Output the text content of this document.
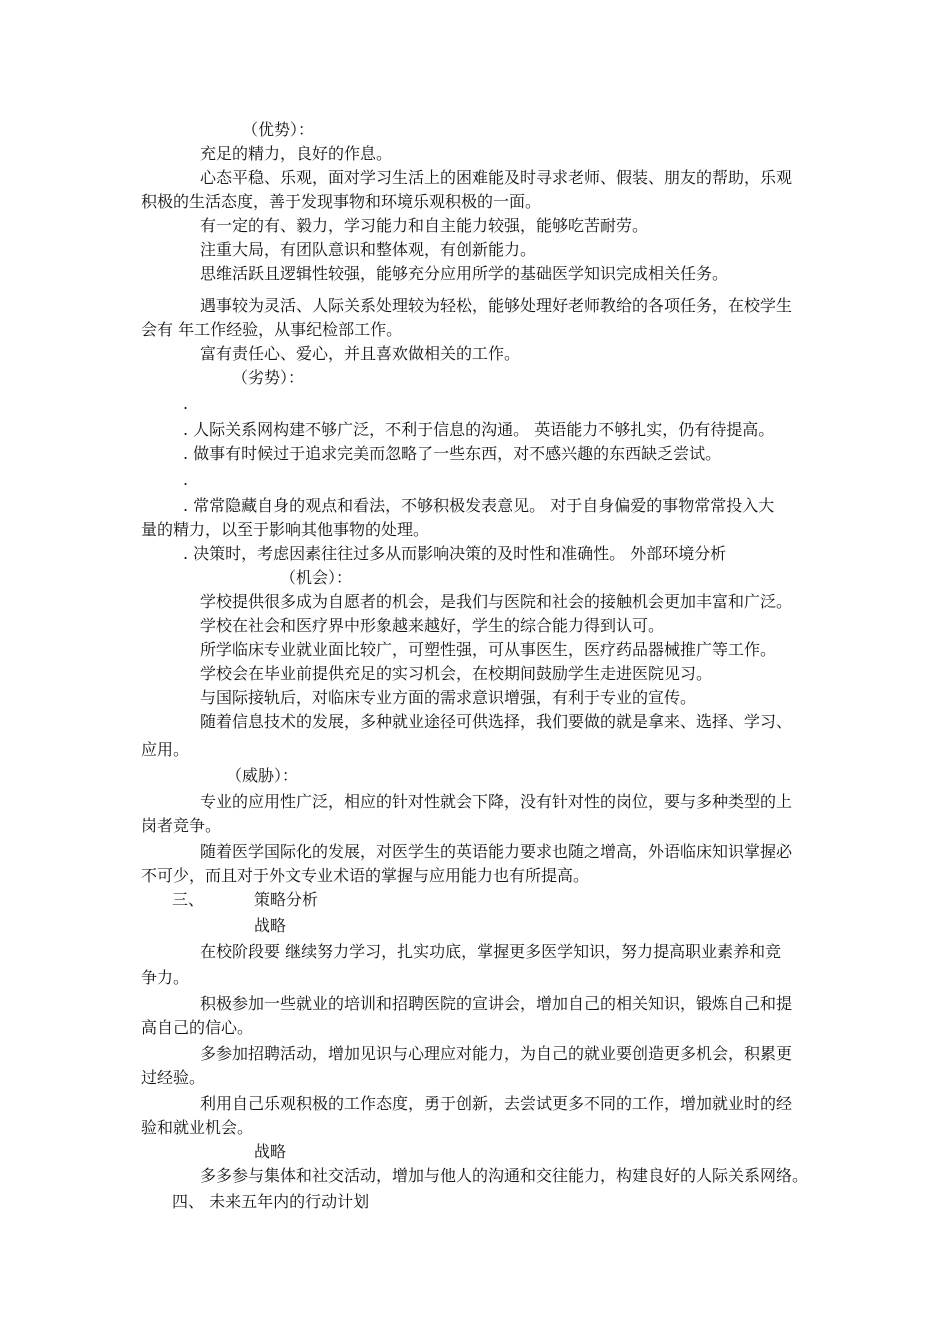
（优势）：
充足的精力，良好的作息。
心态平稳、乐观，面对学习生活上的困难能及时寻求老师、假装、朋友的帮助，乐观
积极的生活态度，善于发现事物和环境乐观积极的一面。
有一定的有、毅力，学习能力和自主能力较强，能够吃苦耐劳。
注重大局，有团队意识和整体观，有创新能力。
思维活跃且逻辑性较强，能够充分应用所学的基础医学知识完成相关任务。
遇事较为灵活、人际关系处理较为轻松，能够处理好老师教给的各项任务，在校学生
会有 年工作经验，从事纪检部工作。
富有责任心、爱心，并且喜欢做相关的工作。
（劣势）：
.
. 人际关系网构建不够广泛，不利于信息的沟通。 英语能力不够扎实，仍有待提高。
. 做事有时候过于追求完美而忽略了一些东西，对不感兴趣的东西缺乏尝试。
.
. 常常隐藏自身的观点和看法，不够积极发表意见。 对于自身偏爱的事物常常投入大
量的精力，以至于影响其他事物的处理。
. 决策时，考虑因素往往过多从而影响决策的及时性和准确性。 外部环境分析
（机会）：
学校提供很多成为自愿者的机会，是我们与医院和社会的接触机会更加丰富和广泛。
学校在社会和医疗界中形象越来越好，学生的综合能力得到认可。
所学临床专业就业面比较广，可塑性强，可从事医生，医疗药品器械推广等工作。
学校会在毕业前提供充足的实习机会，在校期间鼓励学生走进医院见习。
与国际接轨后，对临床专业方面的需求意识增强，有利于专业的宣传。
随着信息技术的发展，多种就业途径可供选择，我们要做的就是拿来、选择、学习、
应用。
（威胁）：
专业的应用性广泛，相应的针对性就会下降，没有针对性的岗位，要与多种类型的上
岗者竞争。
随着医学国际化的发展，对医学生的英语能力要求也随之增高，外语临床知识掌握必
不可少，而且对于外文专业术语的掌握与应用能力也有所提高。
三、	策略分析
战略
在校阶段要 继续努力学习，扎实功底，掌握更多医学知识，努力提高职业素养和竞
争力。
积极参加一些就业的培训和招聘医院的宣讲会，增加自己的相关知识，锻炼自己和提
高自己的信心。
多参加招聘活动，增加见识与心理应对能力，为自己的就业要创造更多机会，积累更
过经验。
利用自己乐观积极的工作态度，勇于创新，去尝试更多不同的工作，增加就业时的经
验和就业机会。
战略
多多参与集体和社交活动，增加与他人的沟通和交往能力，构建良好的人际关系网络。
四、 未来五年内的行动计划
